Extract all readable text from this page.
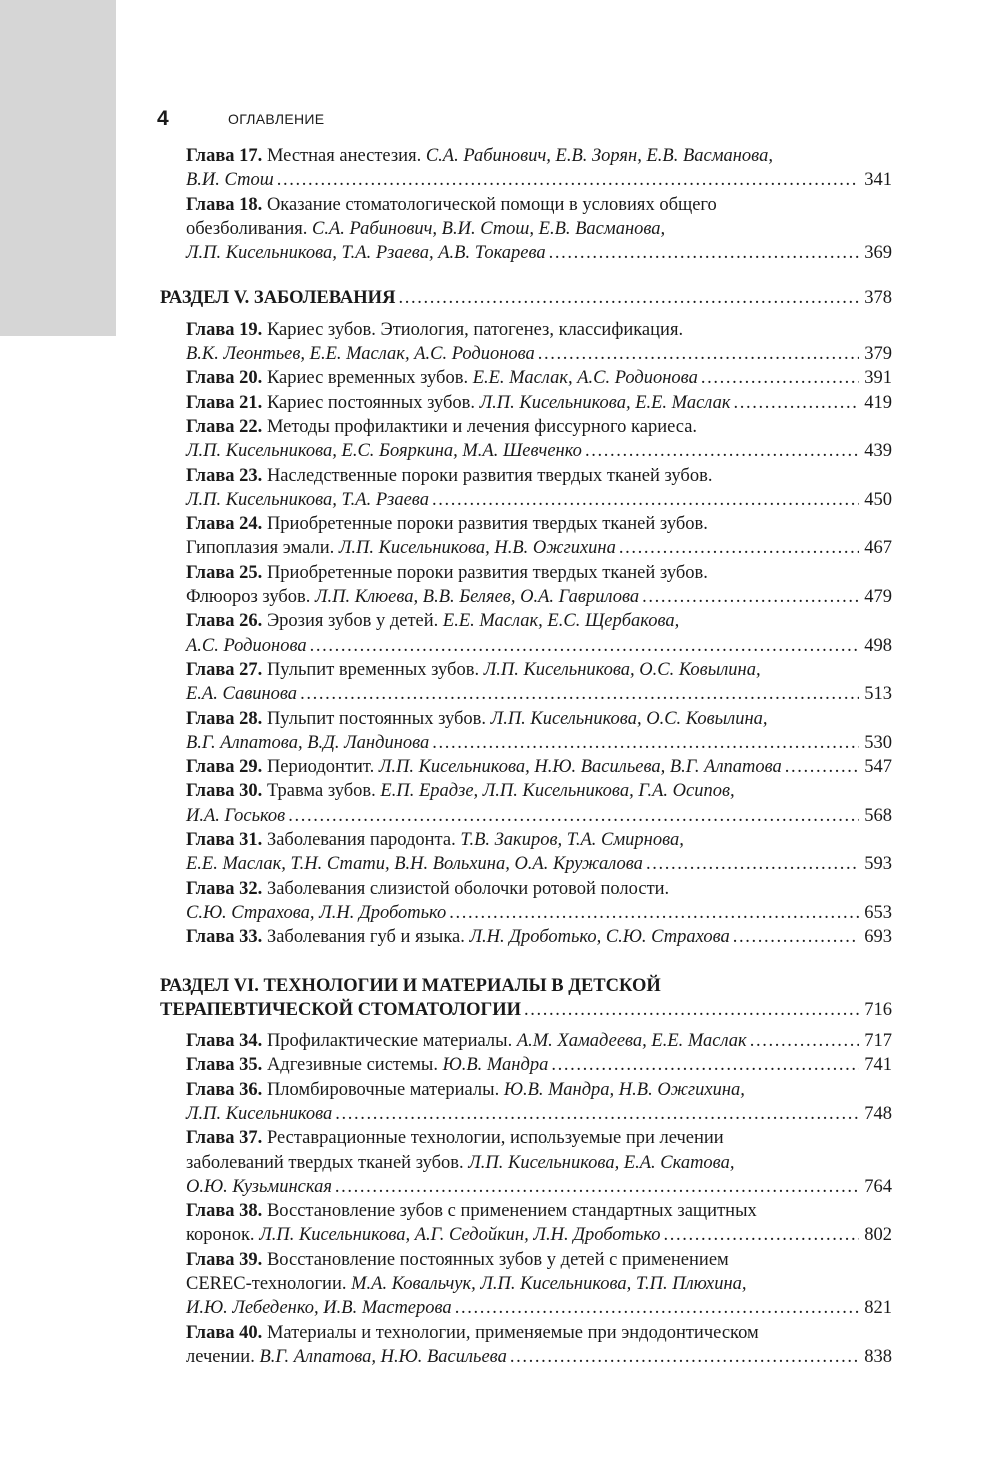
4	ОГЛАВЛЕНИЕ
Глава 17. Местная анестезия. С.А. Рабинович, Е.В. Зорян, Е.В. Васманова,
В.И. Стош . . .	341
Глава 18. Оказание стоматологической помощи в условиях общего
обезболивания. С.А. Рабинович, В.И. Стош, Е.В. Васманова,
Л.П. Кисельникова, Т.А. Рзаева, А.В. Токарева . . .	369
РАЗДЕЛ V. ЗАБОЛЕВАНИЯ . . .	378
Глава 19. Кариес зубов. Этиология, патогенез, классификация.
В.К. Леонтьев, Е.Е. Маслак, А.С. Родионова . . .	379
Глава 20.
Кариес временных зубов.
Е.Е. Маслак, А.С. Родионова . . .	391
Глава 21.
Кариес постоянных зубов.
Л.П. Кисельникова, Е.Е. Маслак . . .	419
Глава 22. Методы профилактики и лечения фиссурного кариеса.
Л.П. Кисельникова, Е.С. Бояркина, М.А. Шевченко . . .	439
Глава 23. Наследственные пороки развития твердых тканей зубов.
Л.П. Кисельникова, Т.А. Рзаева . . .	450
Глава 24. Приобретенные пороки развития твердых тканей зубов.
Гипоплазия эмали.
Л.П. Кисельникова, Н.В. Ожгихина . . .	467
Глава 25. Приобретенные пороки развития твердых тканей зубов.
Флюороз зубов.
Л.П. Клюева, В.В. Беляев, О.А. Гаврилова . . .	479
Глава 26. Эрозия зубов у детей. Е.Е. Маслак, Е.С. Щербакова,
А.С. Родионова . . .	498
Глава 27. Пульпит временных зубов. Л.П. Кисельникова, О.С. Ковылина,
Е.А. Савинова . . .	513
Глава 28. Пульпит постоянных зубов. Л.П. Кисельникова, О.С. Ковылина,
В.Г. Алпатова, В.Д. Ландинова . . .	530
Глава 29.
Периодонтит.
Л.П. Кисельникова, Н.Ю. Васильева, В.Г. Алпатова . . .	547
Глава 30. Травма зубов. Е.П. Ерадзе, Л.П. Кисельникова, Г.А. Осипов,
И.А. Госьков . . .	568
Глава 31. Заболевания пародонта. Т.В. Закиров, Т.А. Смирнова,
Е.Е. Маслак, Т.Н. Стати, В.Н. Вольхина, О.А. Кружалова . . .	593
Глава 32. Заболевания слизистой оболочки ротовой полости.
С.Ю. Страхова, Л.Н. Дроботько . . .	653
Глава 33.
Заболевания губ и языка.
Л.Н. Дроботько, С.Ю. Страхова . . .	693
РАЗДЕЛ VI. ТЕХНОЛОГИИ И МАТЕРИАЛЫ В ДЕТСКОЙ
ТЕРАПЕВТИЧЕСКОЙ СТОМАТОЛОГИИ . . .	716
Глава 34.
Профилактические материалы.
А.М. Хамадеева, Е.Е. Маслак . . .	717
Глава 35.
Адгезивные системы.
Ю.В. Мандра . . .	741
Глава 36. Пломбировочные материалы. Ю.В. Мандра, Н.В. Ожгихина,
Л.П. Кисельникова . . .	748
Глава 37. Реставрационные технологии, используемые при лечении
заболеваний твердых тканей зубов. Л.П. Кисельникова, Е.А. Скатова,
О.Ю. Кузьминская . . .	764
Глава 38. Восстановление зубов с применением стандартных защитных
коронок.
Л.П. Кисельникова, А.Г. Седойкин, Л.Н. Дроботько . . .	802
Глава 39. Восстановление постоянных зубов у детей с применением
CEREC-технологии. М.А. Ковальчук, Л.П. Кисельникова, Т.П. Плюхина,
И.Ю. Лебеденко, И.В. Мастерова . . .	821
Глава 40. Материалы и технологии, применяемые при эндодонтическом
лечении.
В.Г. Алпатова, Н.Ю. Васильева . . .	838
